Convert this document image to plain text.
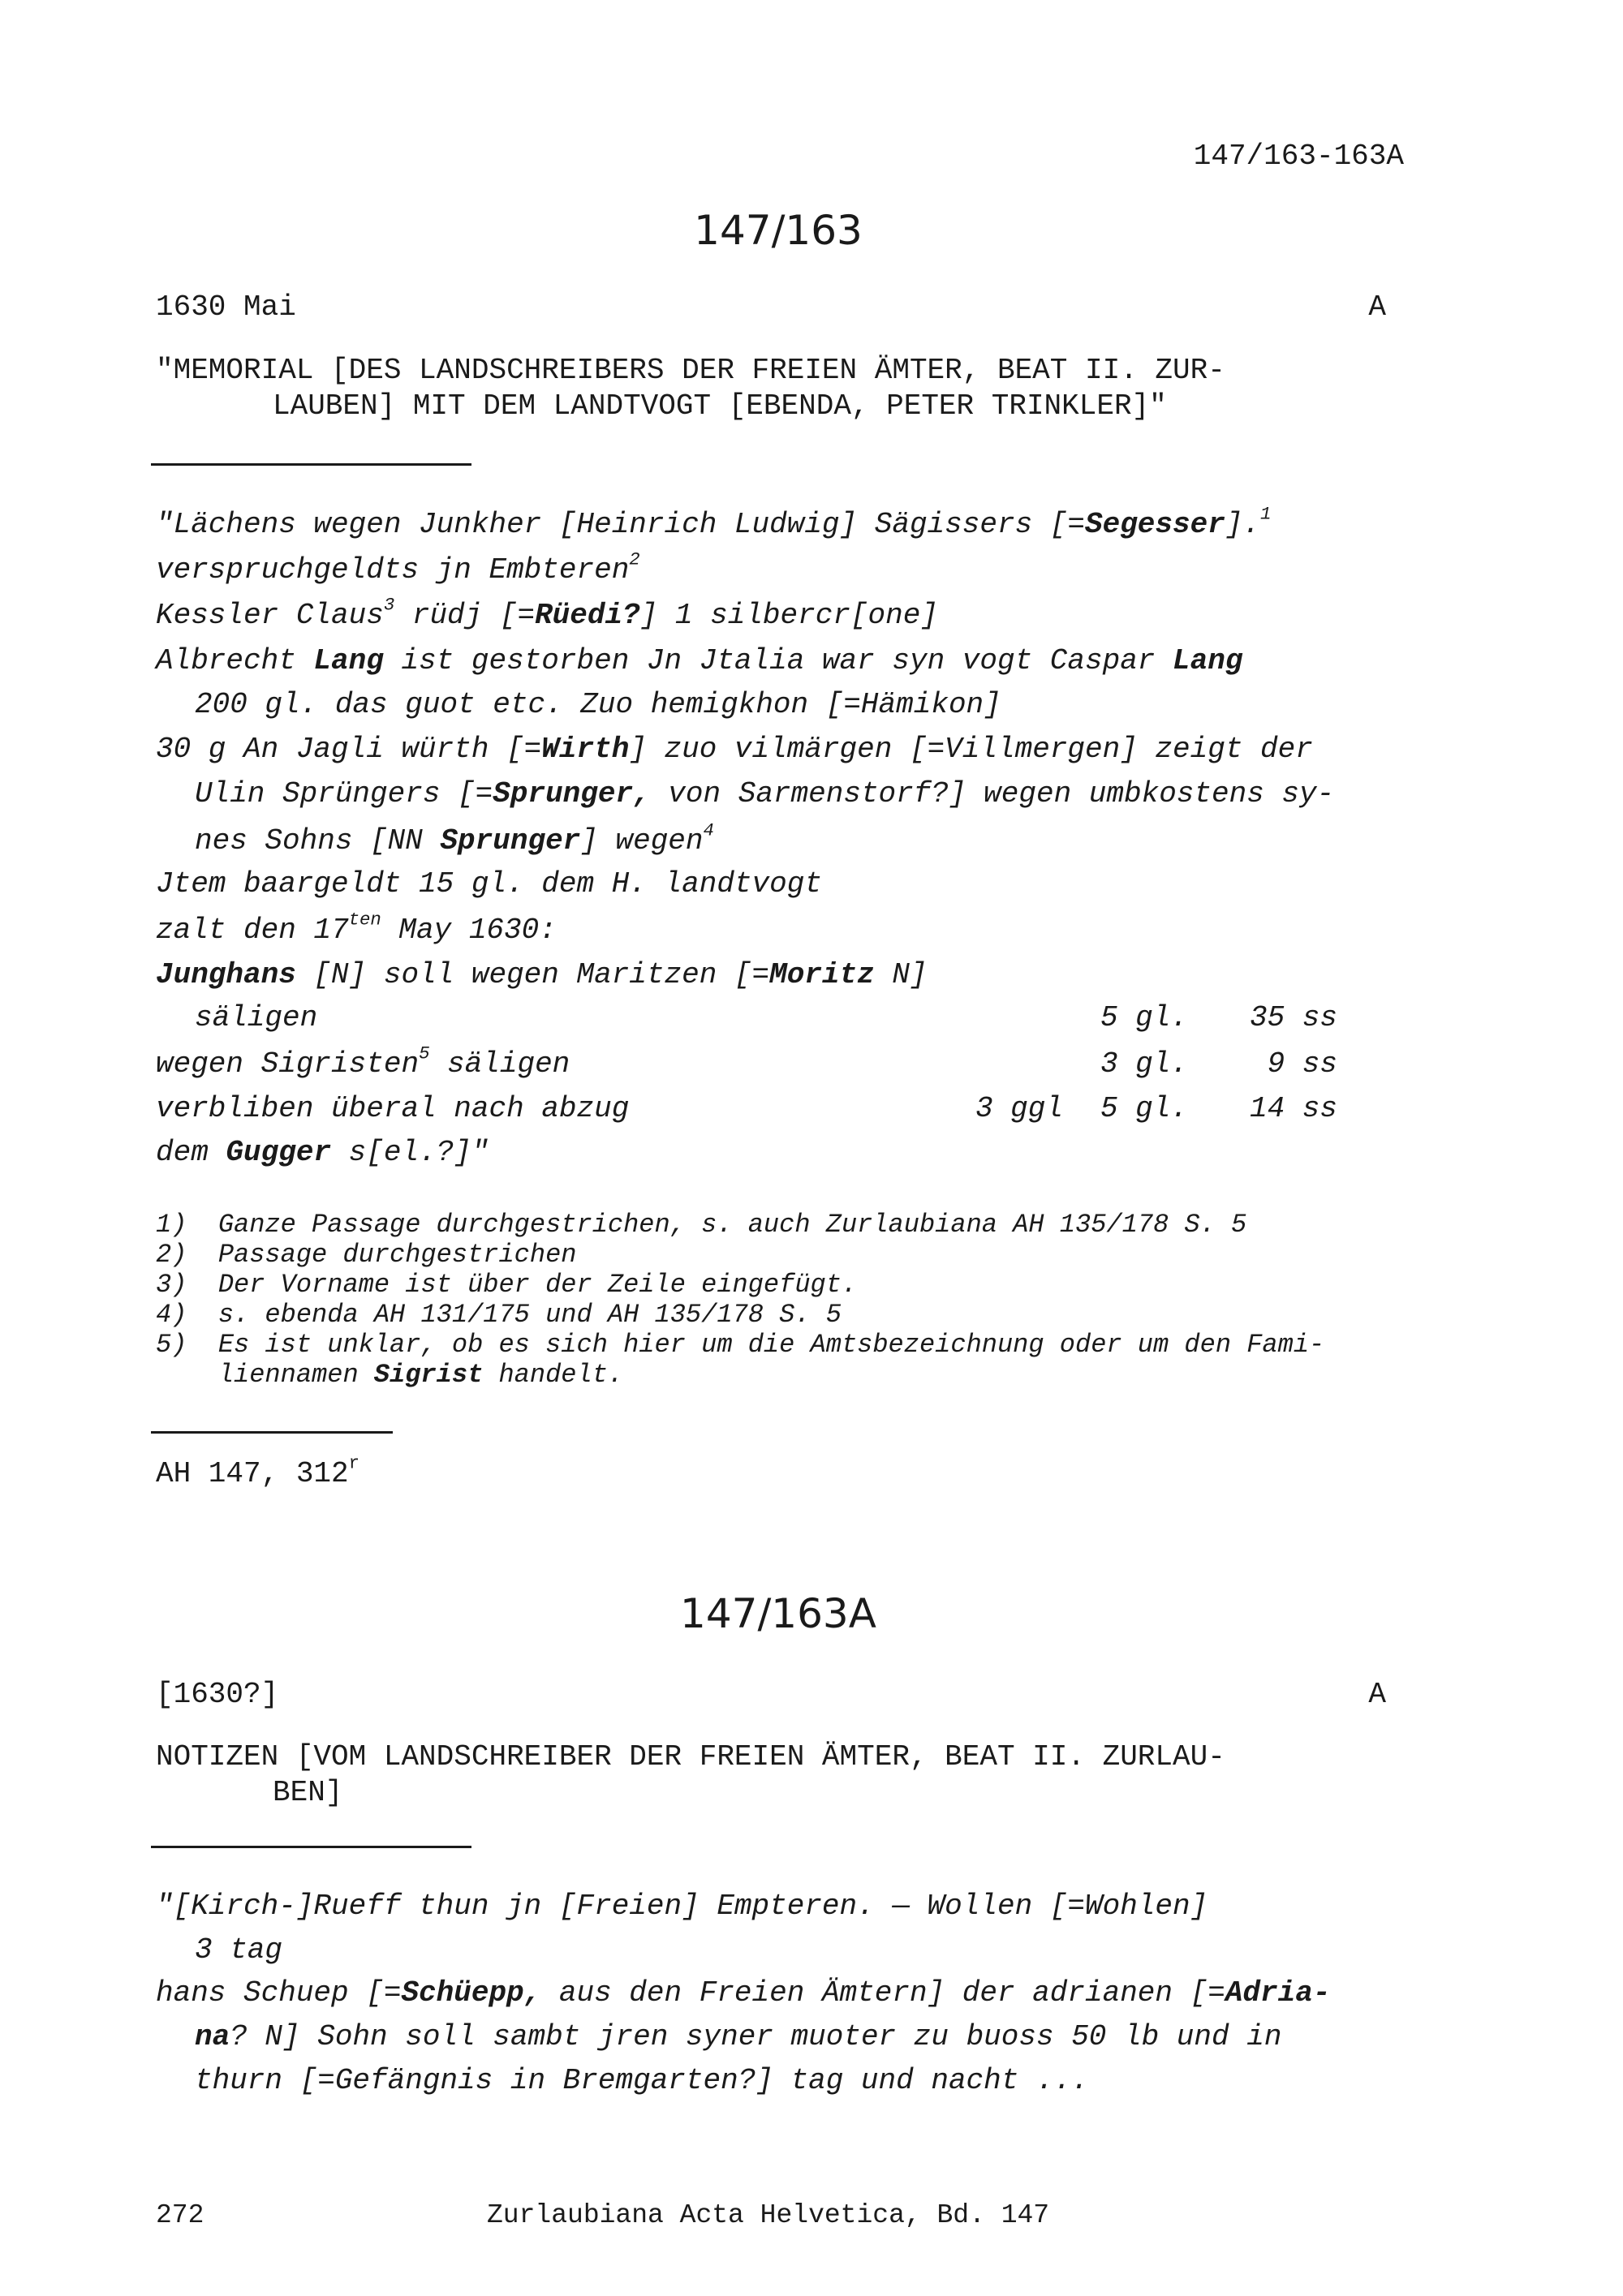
147/163-163A
147/163
1630 Mai	A
"MEMORIAL [DES LANDSCHREIBERS DER FREIEN ÄMTER, BEAT II. ZUR-
LAUBEN] MIT DEM LANDTVOGT [EBENDA, PETER TRINKLER]"
"Lächens wegen Junkher [Heinrich Ludwig] Sägissers [=Segesser].$^1$
verspruchgeldts jn Embteren$^2$
Kessler Claus$^3$ rüdj [=Rüedi?] 1 silbercr[one]
Albrecht Lang ist gestorben Jn Jtalia war syn vogt Caspar Lang
200 gl. das guot etc. Zuo hemigkhon [=Hämikon]
30 g An Jagli würth [=Wirth] zuo vilmärgen [=Villmergen] zeigt der
Ulin Sprüngers [=Sprunger, von Sarmenstorf?] wegen umbkostens sy-
nes Sohns [NN Sprunger] wegen$^4$
Jtem baargeldt 15 gl. dem H. landtvogt
zalt den $17^{ten}$ May 1630:
Junghans [N] soll wegen Maritzen [=Moritz N]
säligen	5 gl. 35 ss
wegen Sigristen$^5$ säligen	3 gl.	9 ss
verbliben überal nach abzug	3 ggl 5 gl. 14 ss
dem Gugger s[el.?]"
1)  Ganze Passage durchgestrichen, s. auch Zurlaubiana AH 135/178 S. 5
2)  Passage durchgestrichen
3)  Der Vorname ist über der Zeile eingefügt.
4)  s. ebenda AH 131/175 und AH 135/178 S. 5
5)  Es ist unklar, ob es sich hier um die Amtsbezeichnung oder um den Fami-
liennamen Sigrist handelt.
AH 147, 312$^r$
147/163A
[1630?]	A
NOTIZEN [VOM LANDSCHREIBER DER FREIEN ÄMTER, BEAT II. ZURLAU-
BEN]
"[Kirch-]Rueff thun jn [Freien] Empteren. — Wollen [=Wohlen]
3 tag
hans Schuep [=Schüepp, aus den Freien Ämtern] der adrianen [=Adria-
na? N] Sohn soll sambt jren syner muoter zu buoss 50 lb und in
thurn [=Gefängnis in Bremgarten?] tag und nacht ...
272	Zurlaubiana Acta Helvetica, Bd. 147
